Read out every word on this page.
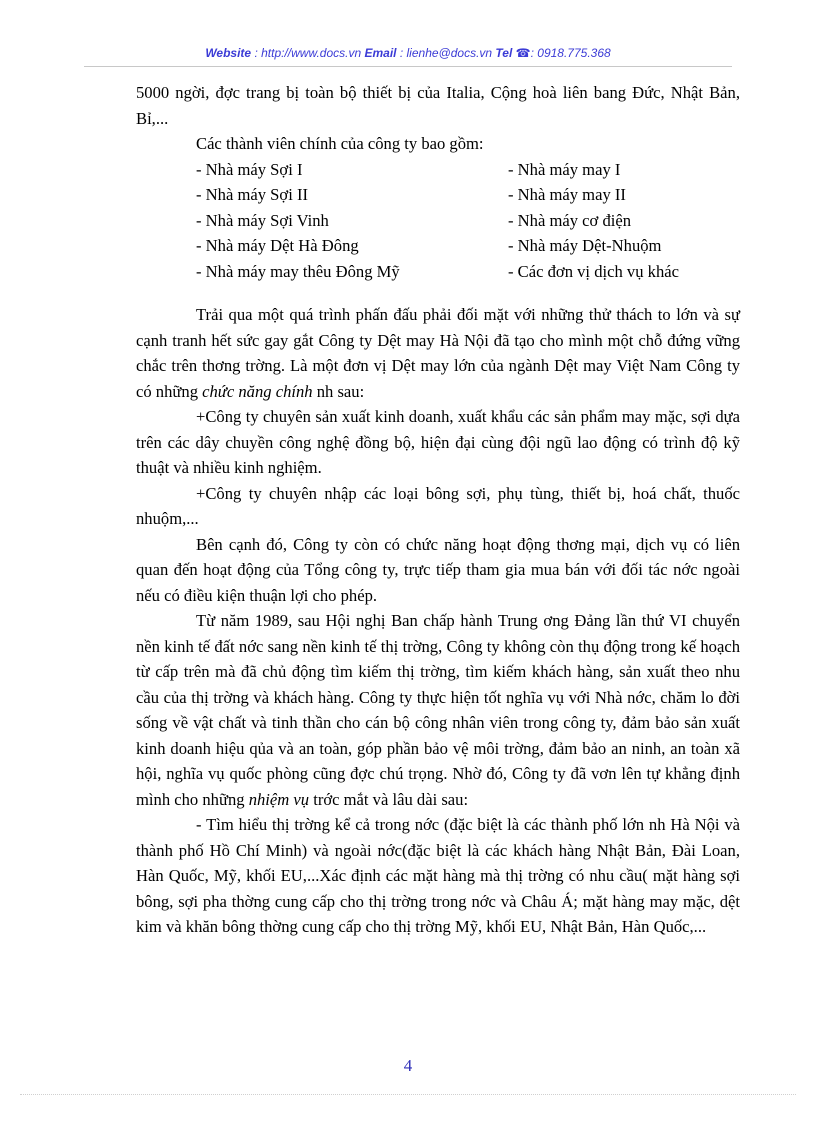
Website : http://www.docs.vn Email : lienhe@docs.vn Tel ☎: 0918.775.368

5000 ngời, đợc trang bị toàn bộ thiết bị của Italia, Cộng hoà liên bang Đức, Nhật Bản, Bỉ,...

Các thành viên chính của công ty bao gồm:

- Nhà máy Sợi I	- Nhà máy may I
- Nhà máy Sợi II	- Nhà máy may II
- Nhà máy Sợi Vinh	- Nhà máy cơ điện
- Nhà máy Dệt Hà Đông	- Nhà máy Dệt-Nhuộm
- Nhà máy may thêu Đông Mỹ	- Các đơn vị dịch vụ khác

Trải qua một quá trình phấn đấu phải đối mặt với những thử thách to lớn và sự cạnh tranh hết sức gay gắt Công ty Dệt may Hà Nội đã tạo cho mình một chỗ đứng vững chắc trên thơng trờng. Là một đơn vị Dệt may lớn của ngành Dệt may Việt Nam Công ty có những chức năng chính nh sau:

+Công ty chuyên sản xuất kinh doanh, xuất khẩu các sản phẩm may mặc, sợi dựa trên các dây chuyền công nghệ đồng bộ, hiện đại cùng đội ngũ lao động có trình độ kỹ thuật và nhiều kinh nghiệm.

+Công ty chuyên nhập các loại bông sợi, phụ tùng, thiết bị, hoá chất, thuốc nhuộm,...

Bên cạnh đó, Công ty còn có chức năng hoạt động thơng mại, dịch vụ có liên quan đến hoạt động của Tổng công ty, trực tiếp tham gia mua bán với đối tác nớc ngoài nếu có điều kiện thuận lợi cho phép.

Từ năm 1989, sau Hội nghị Ban chấp hành Trung ơng Đảng lần thứ VI chuyển nền kinh tế đất nớc sang nền kinh tế thị trờng, Công ty không còn thụ động trong kế hoạch từ cấp trên mà đã chủ động tìm kiếm thị trờng, tìm kiếm khách hàng, sản xuất theo nhu cầu của thị trờng và khách hàng. Công ty thực hiện tốt nghĩa vụ với Nhà nớc, chăm lo đời sống về vật chất và tinh thần cho cán bộ công nhân viên trong công ty, đảm bảo sản xuất kinh doanh hiệu qủa và an toàn, góp phần bảo vệ môi trờng, đảm bảo an ninh, an toàn xã hội, nghĩa vụ quốc phòng cũng đợc chú trọng. Nhờ đó, Công ty đã vơn lên tự khẳng định mình cho những nhiệm vụ trớc mắt và lâu dài sau:

- Tìm hiểu thị trờng kể cả trong nớc (đặc biệt là các thành phố lớn nh Hà Nội và thành phố Hồ Chí Minh) và ngoài nớc(đặc biệt là các khách hàng Nhật Bản, Đài Loan, Hàn Quốc, Mỹ, khối EU,...Xác định các mặt hàng mà thị trờng có nhu cầu( mặt hàng sợi bông, sợi pha thờng cung cấp cho thị trờng trong nớc và Châu Á; mặt hàng may mặc, dệt kim và khăn bông thờng cung cấp cho thị trờng Mỹ, khối EU, Nhật Bản, Hàn Quốc,...

4
